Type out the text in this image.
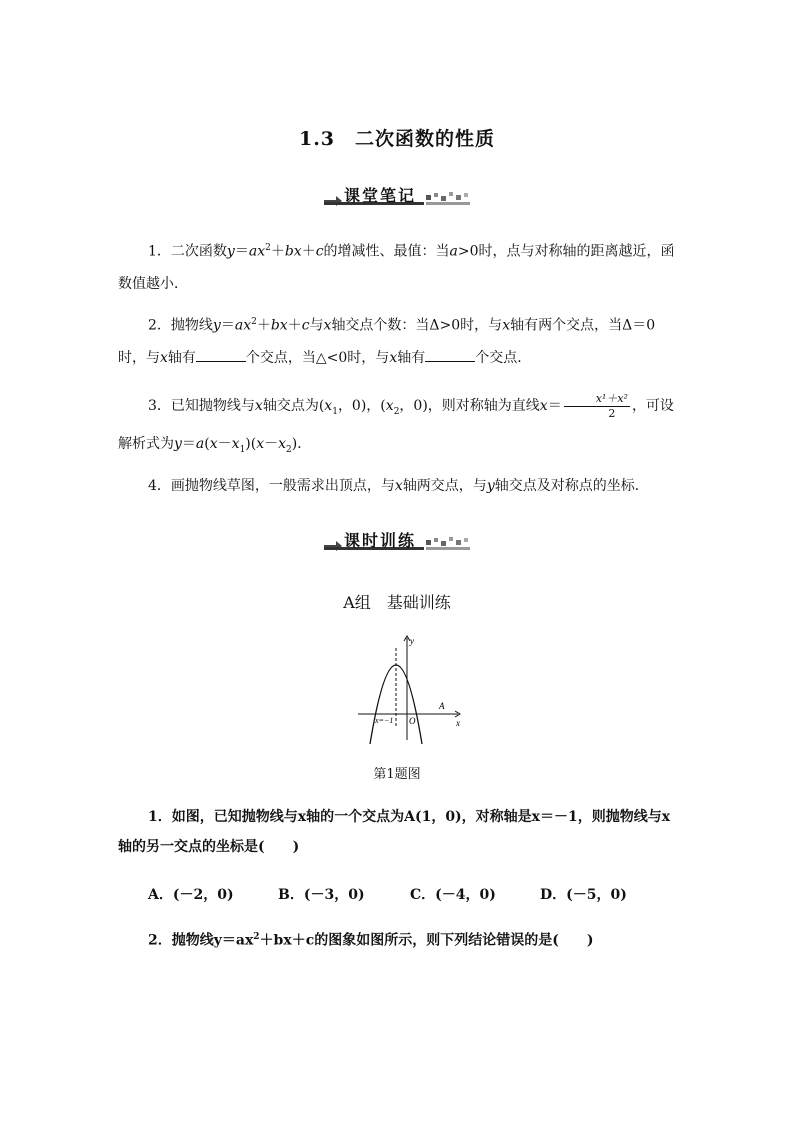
1.3　二次函数的性质
课堂笔记
1．二次函数$y=ax^2+bx+c$的增减性、最值：当a>0时，点与对称轴的距离越近，函数值越小．
2．抛物线$y=ax^2+bx+c$与x轴交点个数：当Δ>0时，与x轴有两个交点，当Δ＝0时，与x轴有	个交点，当△<0时，与x轴有	个交点．
3．已知抛物线与x轴交点为($x_1$，0)，($x_2$，0)，则对称轴为直线$x= \frac{\text{x¹＋x²}}{2}$ ，可设解析式为$y=a(x-x_1)(x-x_2)$．
4．画抛物线草图，一般需求出顶点，与x轴两交点，与y轴交点及对称点的坐标．
课时训练
A组　基础训练
y
x
O
A
x=−1
第1题图
1．如图，已知抛物线与x轴的一个交点为A(1，0)，对称轴是x＝－1，则抛物线与x轴的另一交点的坐标是(　　)
A．(－2，0)	B．(－3，0)	C．(－4，0)	D．(－5，0)
2．抛物线$y=ax^2+bx+c$的图象如图所示，则下列结论错误的是(　　)
